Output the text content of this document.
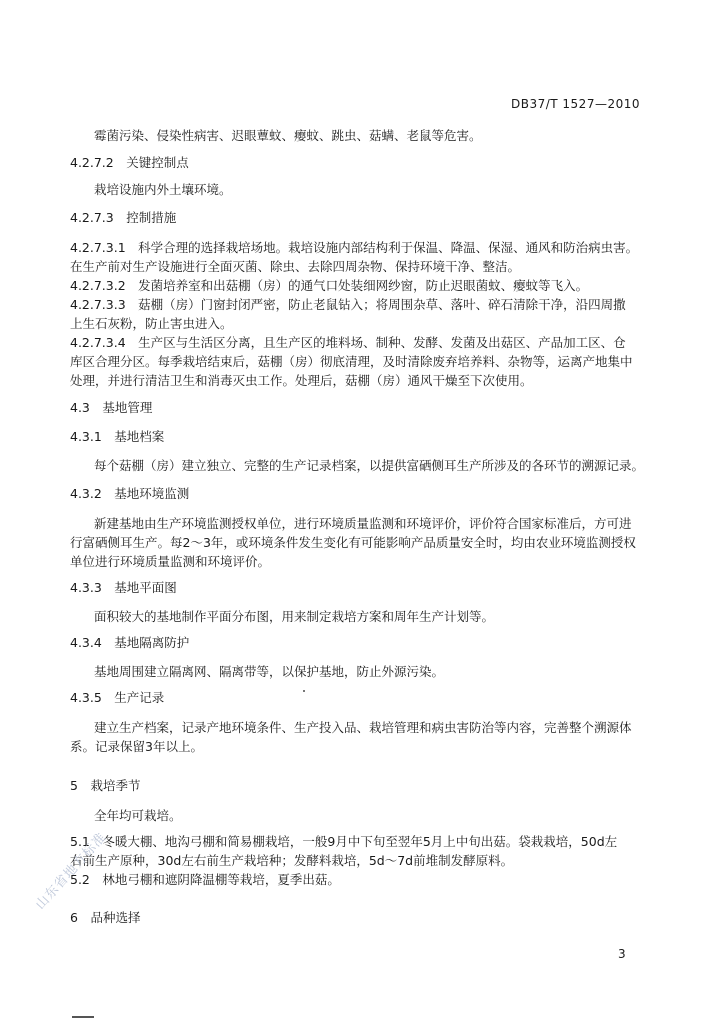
DB37/T 1527—2010
霉菌污染、侵染性病害、迟眼蕈蚊、瘿蚊、跳虫、菇螨、老鼠等危害。
4.2.7.2　关键控制点
栽培设施内外土壤环境。
4.2.7.3　控制措施
4.2.7.3.1　科学合理的选择栽培场地。栽培设施内部结构利于保温、降温、保湿、通风和防治病虫害。
在生产前对生产设施进行全面灭菌、除虫、去除四周杂物、保持环境干净、整洁。
4.2.7.3.2　发菌培养室和出菇棚（房）的通气口处装细网纱窗，防止迟眼菌蚊、瘿蚊等飞入。
4.2.7.3.3　菇棚（房）门窗封闭严密，防止老鼠钻入；将周围杂草、落叶、碎石清除干净，沿四周撒
上生石灰粉，防止害虫进入。
4.2.7.3.4　生产区与生活区分离，且生产区的堆料场、制种、发酵、发菌及出菇区、产品加工区、仓
库区合理分区。每季栽培结束后，菇棚（房）彻底清理，及时清除废弃培养料、杂物等，运离产地集中
处理，并进行清洁卫生和消毒灭虫工作。处理后，菇棚（房）通风干燥至下次使用。
4.3　基地管理
4.3.1　基地档案
每个菇棚（房）建立独立、完整的生产记录档案，以提供富硒侧耳生产所涉及的各环节的溯源记录。
4.3.2　基地环境监测
新建基地由生产环境监测授权单位，进行环境质量监测和环境评价，评价符合国家标准后，方可进
行富硒侧耳生产。每2～3年，或环境条件发生变化有可能影响产品质量安全时，均由农业环境监测授权
单位进行环境质量监测和环境评价。
4.3.3　基地平面图
面积较大的基地制作平面分布图，用来制定栽培方案和周年生产计划等。
4.3.4　基地隔离防护
基地周围建立隔离网、隔离带等，以保护基地，防止外源污染。
4.3.5　生产记录
建立生产档案，记录产地环境条件、生产投入品、栽培管理和病虫害防治等内容，完善整个溯源体
系。记录保留3年以上。
5　栽培季节
全年均可栽培。
5.1　冬暖大棚、地沟弓棚和简易棚栽培，一般9月中下旬至翌年5月上中旬出菇。袋栽栽培，50d左
右前生产原种，30d左右前生产栽培种；发酵料栽培，5d～7d前堆制发酵原料。
5.2　林地弓棚和遮阴降温棚等栽培，夏季出菇。
6　品种选择
3
山东省地方标准
